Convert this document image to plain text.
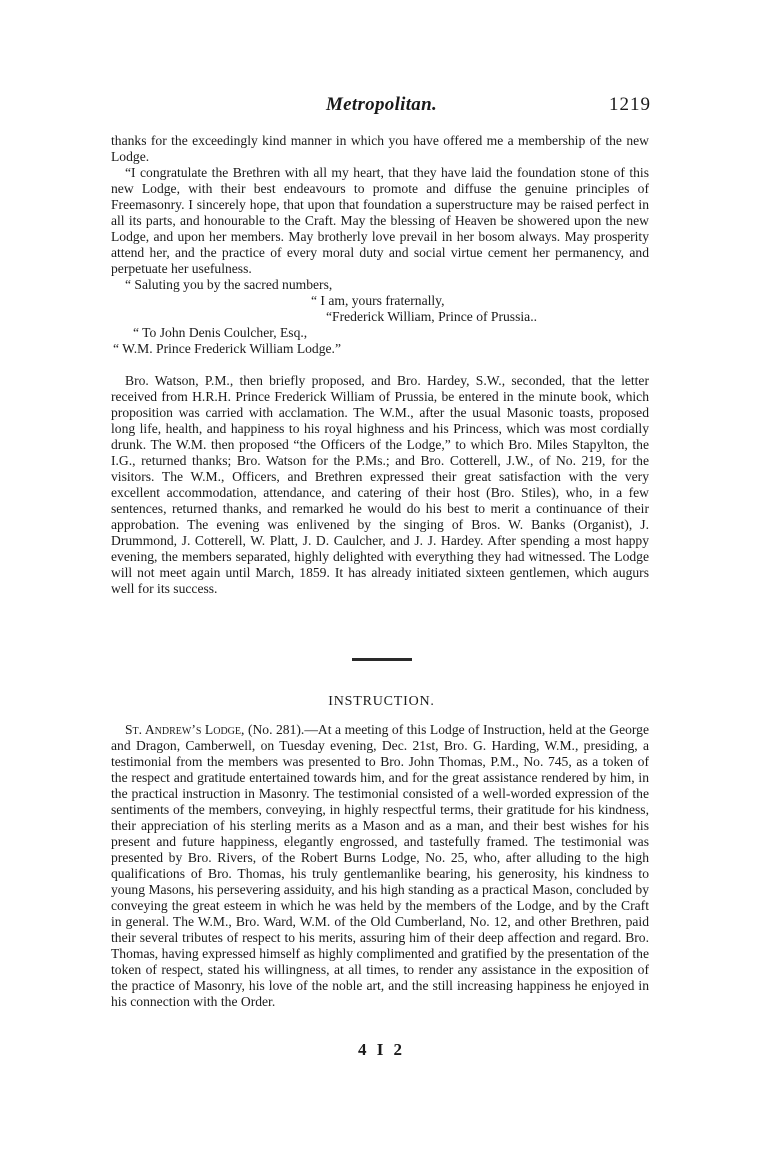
Metropolitan.	1219

thanks for the exceedingly kind manner in which you have offered me a membership of the new Lodge.

“I congratulate the Brethren with all my heart, that they have laid the foundation stone of this new Lodge, with their best endeavours to promote and diffuse the genuine principles of Freemasonry. I sincerely hope, that upon that foundation a superstructure may be raised perfect in all its parts, and honourable to the Craft. May the blessing of Heaven be showered upon the new Lodge, and upon her members. May brotherly love prevail in her bosom always. May prosperity attend her, and the practice of every moral duty and social virtue cement her permanency, and perpetuate her usefulness.

“ Saluting you by the sacred numbers,

“ I am, yours fraternally,

“Frederick William, Prince of Prussia..

“ To John Denis Coulcher, Esq.,

“ W.M. Prince Frederick William Lodge.”

Bro. Watson, P.M., then briefly proposed, and Bro. Hardey, S.W., seconded, that the letter received from H.R.H. Prince Frederick William of Prussia, be entered in the minute book, which proposition was carried with acclamation. The W.M., after the usual Masonic toasts, proposed long life, health, and happiness to his royal highness and his Princess, which was most cordially drunk. The W.M. then proposed “the Officers of the Lodge,” to which Bro. Miles Stapylton, the I.G., returned thanks; Bro. Watson for the P.Ms.; and Bro. Cotterell, J.W., of No. 219, for the visitors. The W.M., Officers, and Brethren expressed their great satisfaction with the very excellent accommodation, attendance, and catering of their host (Bro. Stiles), who, in a few sentences, returned thanks, and remarked he would do his best to merit a continuance of their approbation. The evening was enlivened by the singing of Bros. W. Banks (Organist), J. Drummond, J. Cotterell, W. Platt, J. D. Caulcher, and J. J. Hardey. After spending a most happy evening, the members separated, highly delighted with everything they had witnessed. The Lodge will not meet again until March, 1859. It has already initiated sixteen gentlemen, which augurs well for its success.

INSTRUCTION.

St. Andrew’s Lodge, (No. 281).—At a meeting of this Lodge of Instruction, held at the George and Dragon, Camberwell, on Tuesday evening, Dec. 21st, Bro. G. Harding, W.M., presiding, a testimonial from the members was presented to Bro. John Thomas, P.M., No. 745, as a token of the respect and gratitude entertained towards him, and for the great assistance rendered by him, in the practical instruction in Masonry. The testimonial consisted of a well-worded expression of the sentiments of the members, conveying, in highly respectful terms, their gratitude for his kindness, their appreciation of his sterling merits as a Mason and as a man, and their best wishes for his present and future happiness, elegantly engrossed, and tastefully framed. The testimonial was presented by Bro. Rivers, of the Robert Burns Lodge, No. 25, who, after alluding to the high qualifications of Bro. Thomas, his truly gentlemanlike bearing, his generosity, his kindness to young Masons, his persevering assiduity, and his high standing as a practical Mason, concluded by conveying the great esteem in which he was held by the members of the Lodge, and by the Craft in general. The W.M., Bro. Ward, W.M. of the Old Cumberland, No. 12, and other Brethren, paid their several tributes of respect to his merits, assuring him of their deep affection and regard. Bro. Thomas, having expressed himself as highly complimented and gratified by the presentation of the token of respect, stated his willingness, at all times, to render any assistance in the exposition of the practice of Masonry, his love of the noble art, and the still increasing happiness he enjoyed in his connection with the Order.

4 I 2
